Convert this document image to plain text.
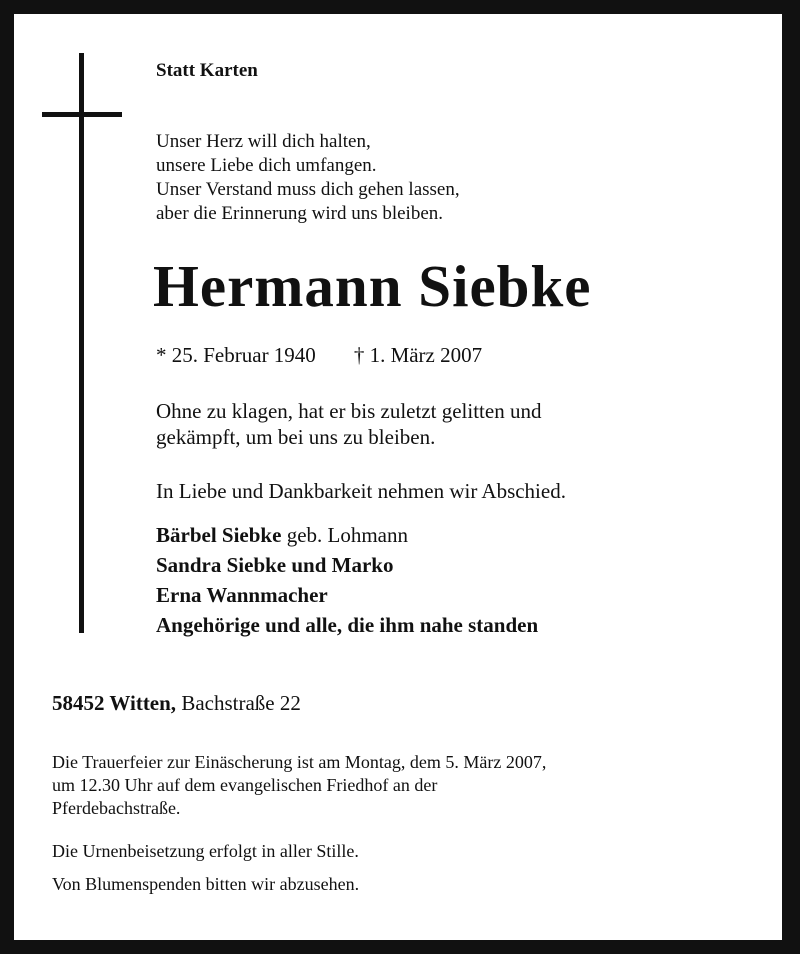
Statt Karten
Unser Herz will dich halten,
unsere Liebe dich umfangen.
Unser Verstand muss dich gehen lassen,
aber die Erinnerung wird uns bleiben.
Hermann Siebke
* 25. Februar 1940 † 1. März 2007
Ohne zu klagen, hat er bis zuletzt gelitten und
gekämpft, um bei uns zu bleiben.
In Liebe und Dankbarkeit nehmen wir Abschied.
Bärbel Siebke geb. Lohmann
Sandra Siebke und Marko
Erna Wannmacher
Angehörige und alle, die ihm nahe standen
58452 Witten, Bachstraße 22
Die Trauerfeier zur Einäscherung ist am Montag, dem 5. März 2007,
um 12.30 Uhr auf dem evangelischen Friedhof an der
Pferdebachstraße.
Die Urnenbeisetzung erfolgt in aller Stille.
Von Blumenspenden bitten wir abzusehen.
